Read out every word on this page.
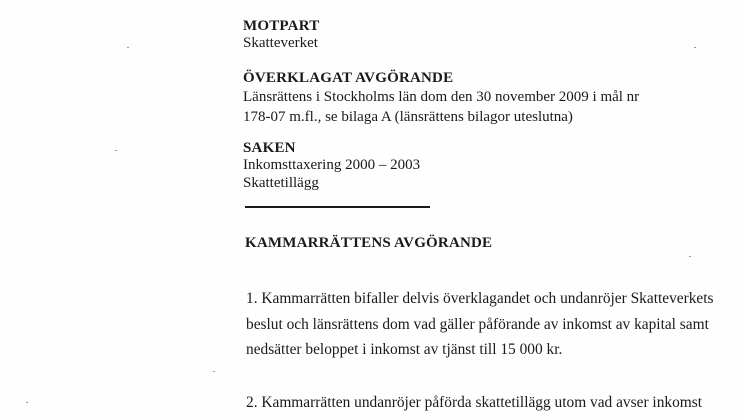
MOTPART
Skatteverket
ÖVERKLAGAT AVGÖRANDE
Länsrättens i Stockholms län dom den 30 november 2009 i mål nr
178-07 m.fl., se bilaga A (länsrättens bilagor uteslutna)
SAKEN
Inkomsttaxering 2000 – 2003
Skattetillägg
KAMMARRÄTTENS AVGÖRANDE
1. Kammarrätten bifaller delvis överklagandet och undanröjer Skatteverkets
beslut och länsrättens dom vad gäller påförande av inkomst av kapital samt
nedsätter beloppet i inkomst av tjänst till 15 000 kr.
2. Kammarrätten undanröjer påförda skattetillägg utom vad avser inkomst
